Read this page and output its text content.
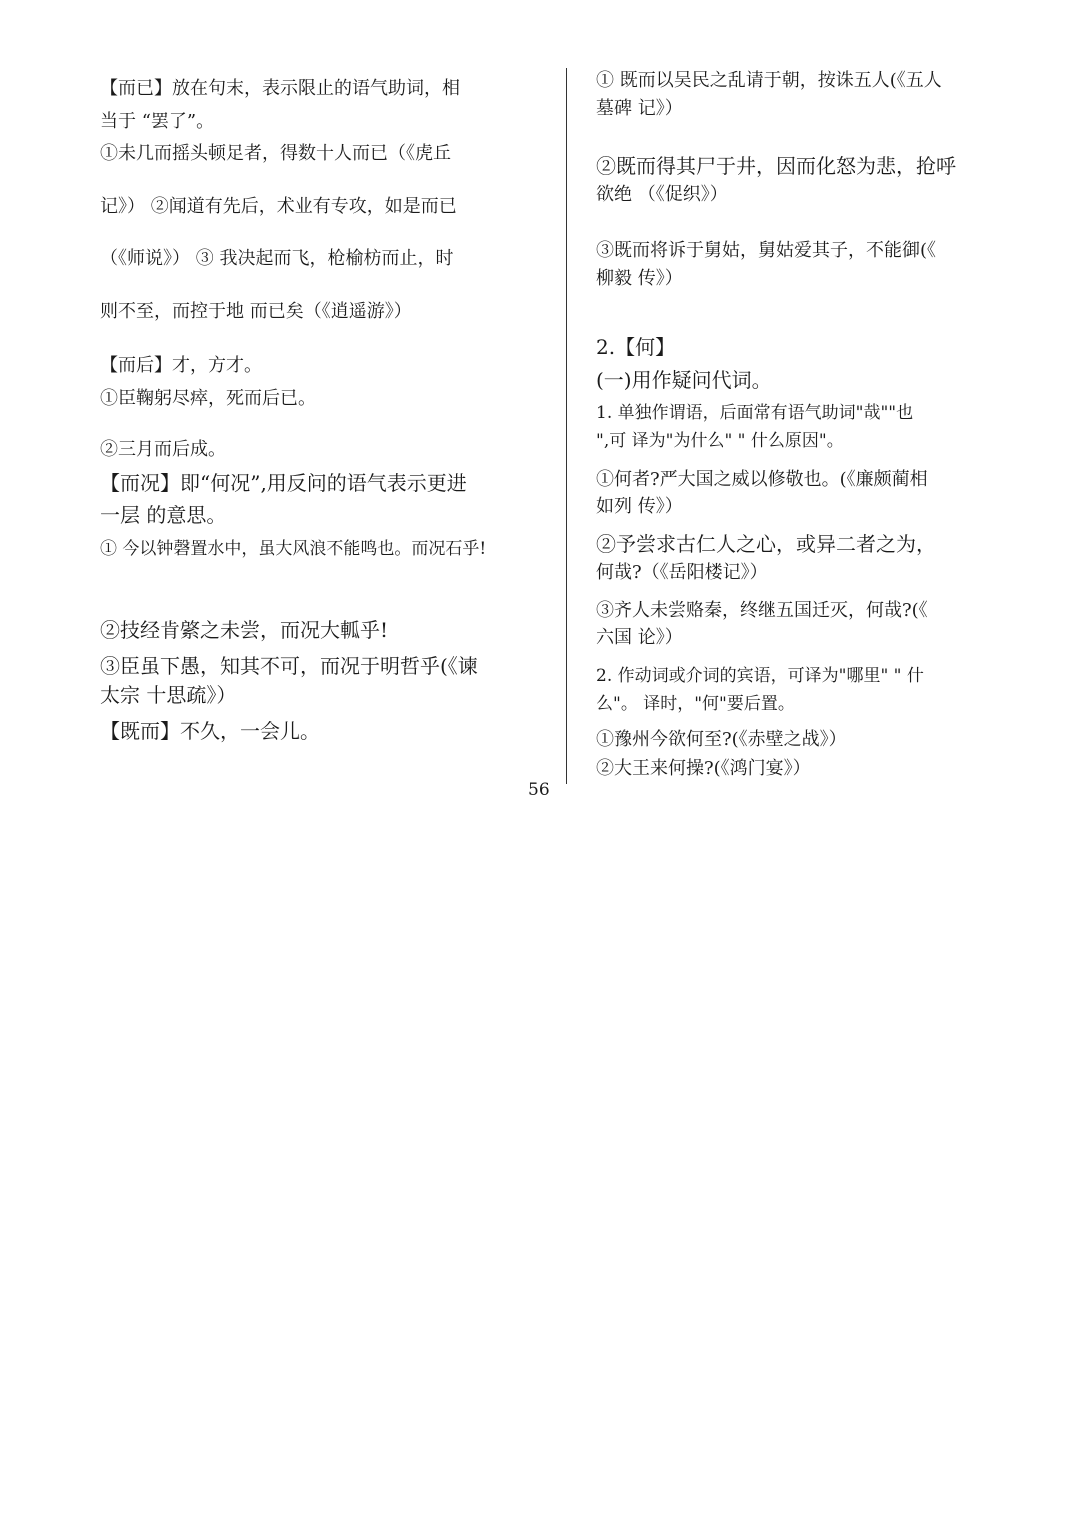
【而已】放在句末，表示限止的语气助词，相
当于 “罢了”。
①未几而摇头顿足者，得数十人而已（《虎丘
记》） ②闻道有先后，术业有专攻，如是而已
（《师说》） ③ 我决起而飞，枪榆枋而止，时
则不至，而控于地 而已矣（《逍遥游》）
【而后】才，方才。
①臣鞠躬尽瘁，死而后已。
②三月而后成。
【而况】即“何况”,用反问的语气表示更进
一层 的意思。
① 今以钟磬置水中，虽大风浪不能鸣也。而况石乎!
②技经肯綮之未尝，而况大軱乎!
③臣虽下愚，知其不可，而况于明哲乎(《谏
太宗 十思疏》）
【既而】不久，一会儿。
① 既而以吴民之乱请于朝，按诛五人(《五人
墓碑 记》）
②既而得其尸于井，因而化怒为悲，抢呼
欲绝 （《促织》）
③既而将诉于舅姑，舅姑爱其子，不能御(《
柳毅 传》）
2.【何】
(一)用作疑问代词。
1. 单独作谓语，后面常有语气助词"哉""也
",可 译为"为什么" " 什么原因"。
①何者?严大国之威以修敬也。(《廉颇蔺相
如列 传》）
②予尝求古仁人之心，或异二者之为，
何哉?（《岳阳楼记》）
③齐人未尝赂秦，终继五国迁灭，何哉?(《
六国 论》）
2. 作动词或介词的宾语，可译为"哪里" " 什
么"。 译时，"何"要后置。
①豫州今欲何至?(《赤壁之战》）
②大王来何操?(《鸿门宴》）
56
